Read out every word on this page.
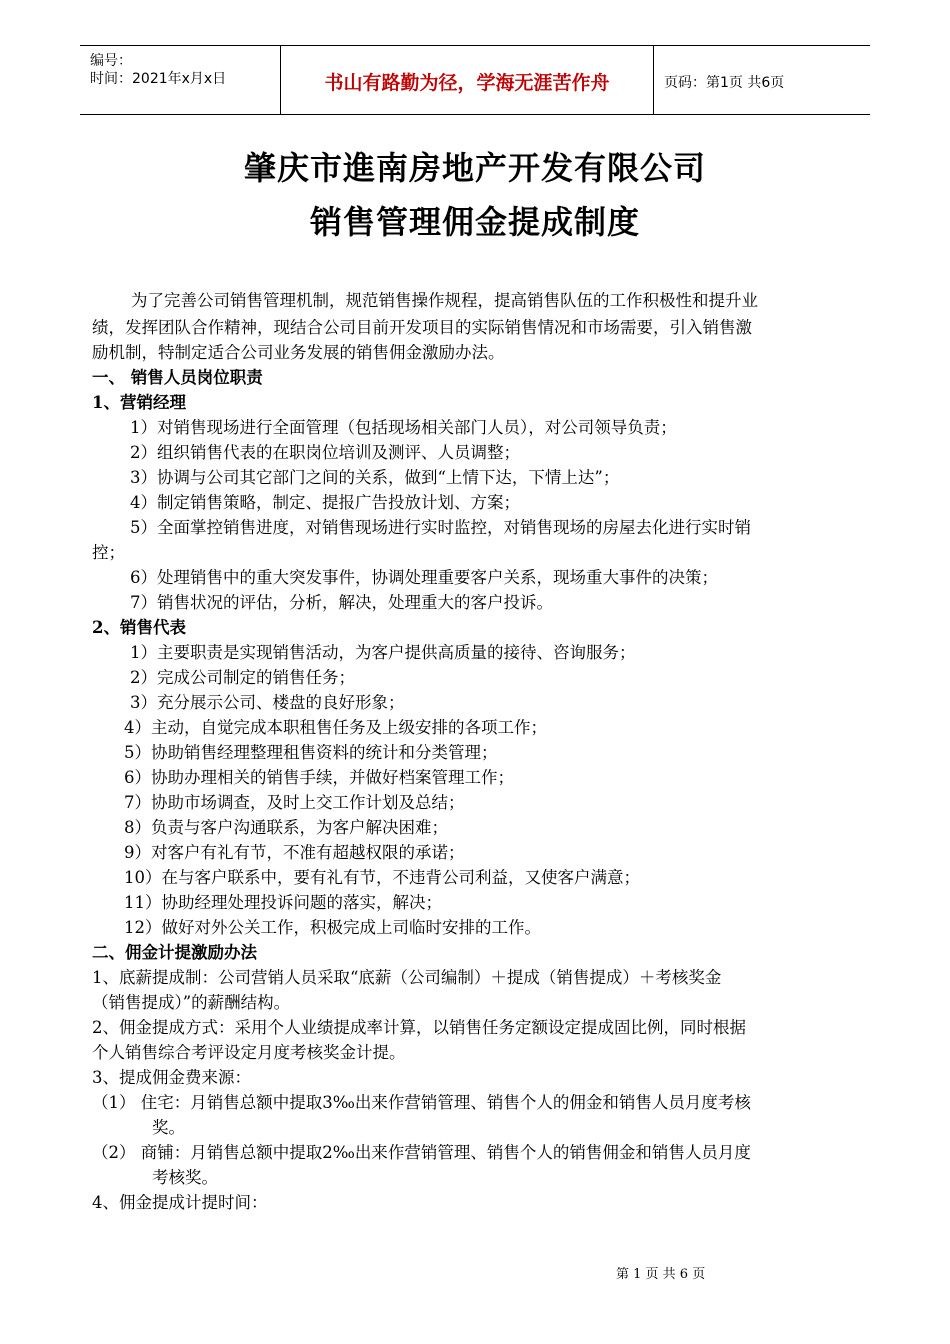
编号：
时间：2021年x月x日	书山有路勤为径，学海无涯苦作舟	页码：第1页 共6页
肇庆市進南房地产开发有限公司
销售管理佣金提成制度
为了完善公司销售管理机制，规范销售操作规程，提高销售队伍的工作积极性和提升业
绩，发挥团队合作精神，现结合公司目前开发项目的实际销售情况和市场需要，引入销售激
励机制，特制定适合公司业务发展的销售佣金激励办法。
一、 销售人员岗位职责
1、营销经理
1）对销售现场进行全面管理（包括现场相关部门人员），对公司领导负责；
2）组织销售代表的在职岗位培训及测评、人员调整；
3）协调与公司其它部门之间的关系，做到“上情下达，下情上达”；
4）制定销售策略，制定、提报广告投放计划、方案；
5）全面掌控销售进度，对销售现场进行实时监控，对销售现场的房屋去化进行实时销
控；
6）处理销售中的重大突发事件，协调处理重要客户关系，现场重大事件的决策；
7）销售状况的评估，分析，解决，处理重大的客户投诉。
2、销售代表
1）主要职责是实现销售活动，为客户提供高质量的接待、咨询服务；
2）完成公司制定的销售任务；
3）充分展示公司、楼盘的良好形象；
4）主动，自觉完成本职租售任务及上级安排的各项工作；
5）协助销售经理整理租售资料的统计和分类管理；
6）协助办理相关的销售手续，并做好档案管理工作；
7）协助市场调查，及时上交工作计划及总结；
8）负责与客户沟通联系，为客户解决困难；
9）对客户有礼有节，不准有超越权限的承诺；
10）在与客户联系中，要有礼有节，不违背公司利益，又使客户满意；
11）协助经理处理投诉问题的落实，解决；
12）做好对外公关工作，积极完成上司临时安排的工作。
二、佣金计提激励办法
1、底薪提成制：公司营销人员采取“底薪（公司编制）＋提成（销售提成）＋考核奖金
（销售提成）”的薪酬结构。
2、佣金提成方式：采用个人业绩提成率计算，以销售任务定额设定提成固比例，同时根据
个人销售综合考评设定月度考核奖金计提。
3、提成佣金费来源：
（1） 住宅：月销售总额中提取3‰出来作营销管理、销售个人的佣金和销售人员月度考核
奖。
（2） 商铺：月销售总额中提取2‰出来作营销管理、销售个人的销售佣金和销售人员月度
考核奖。
4、佣金提成计提时间：
第 1 页 共 6 页
